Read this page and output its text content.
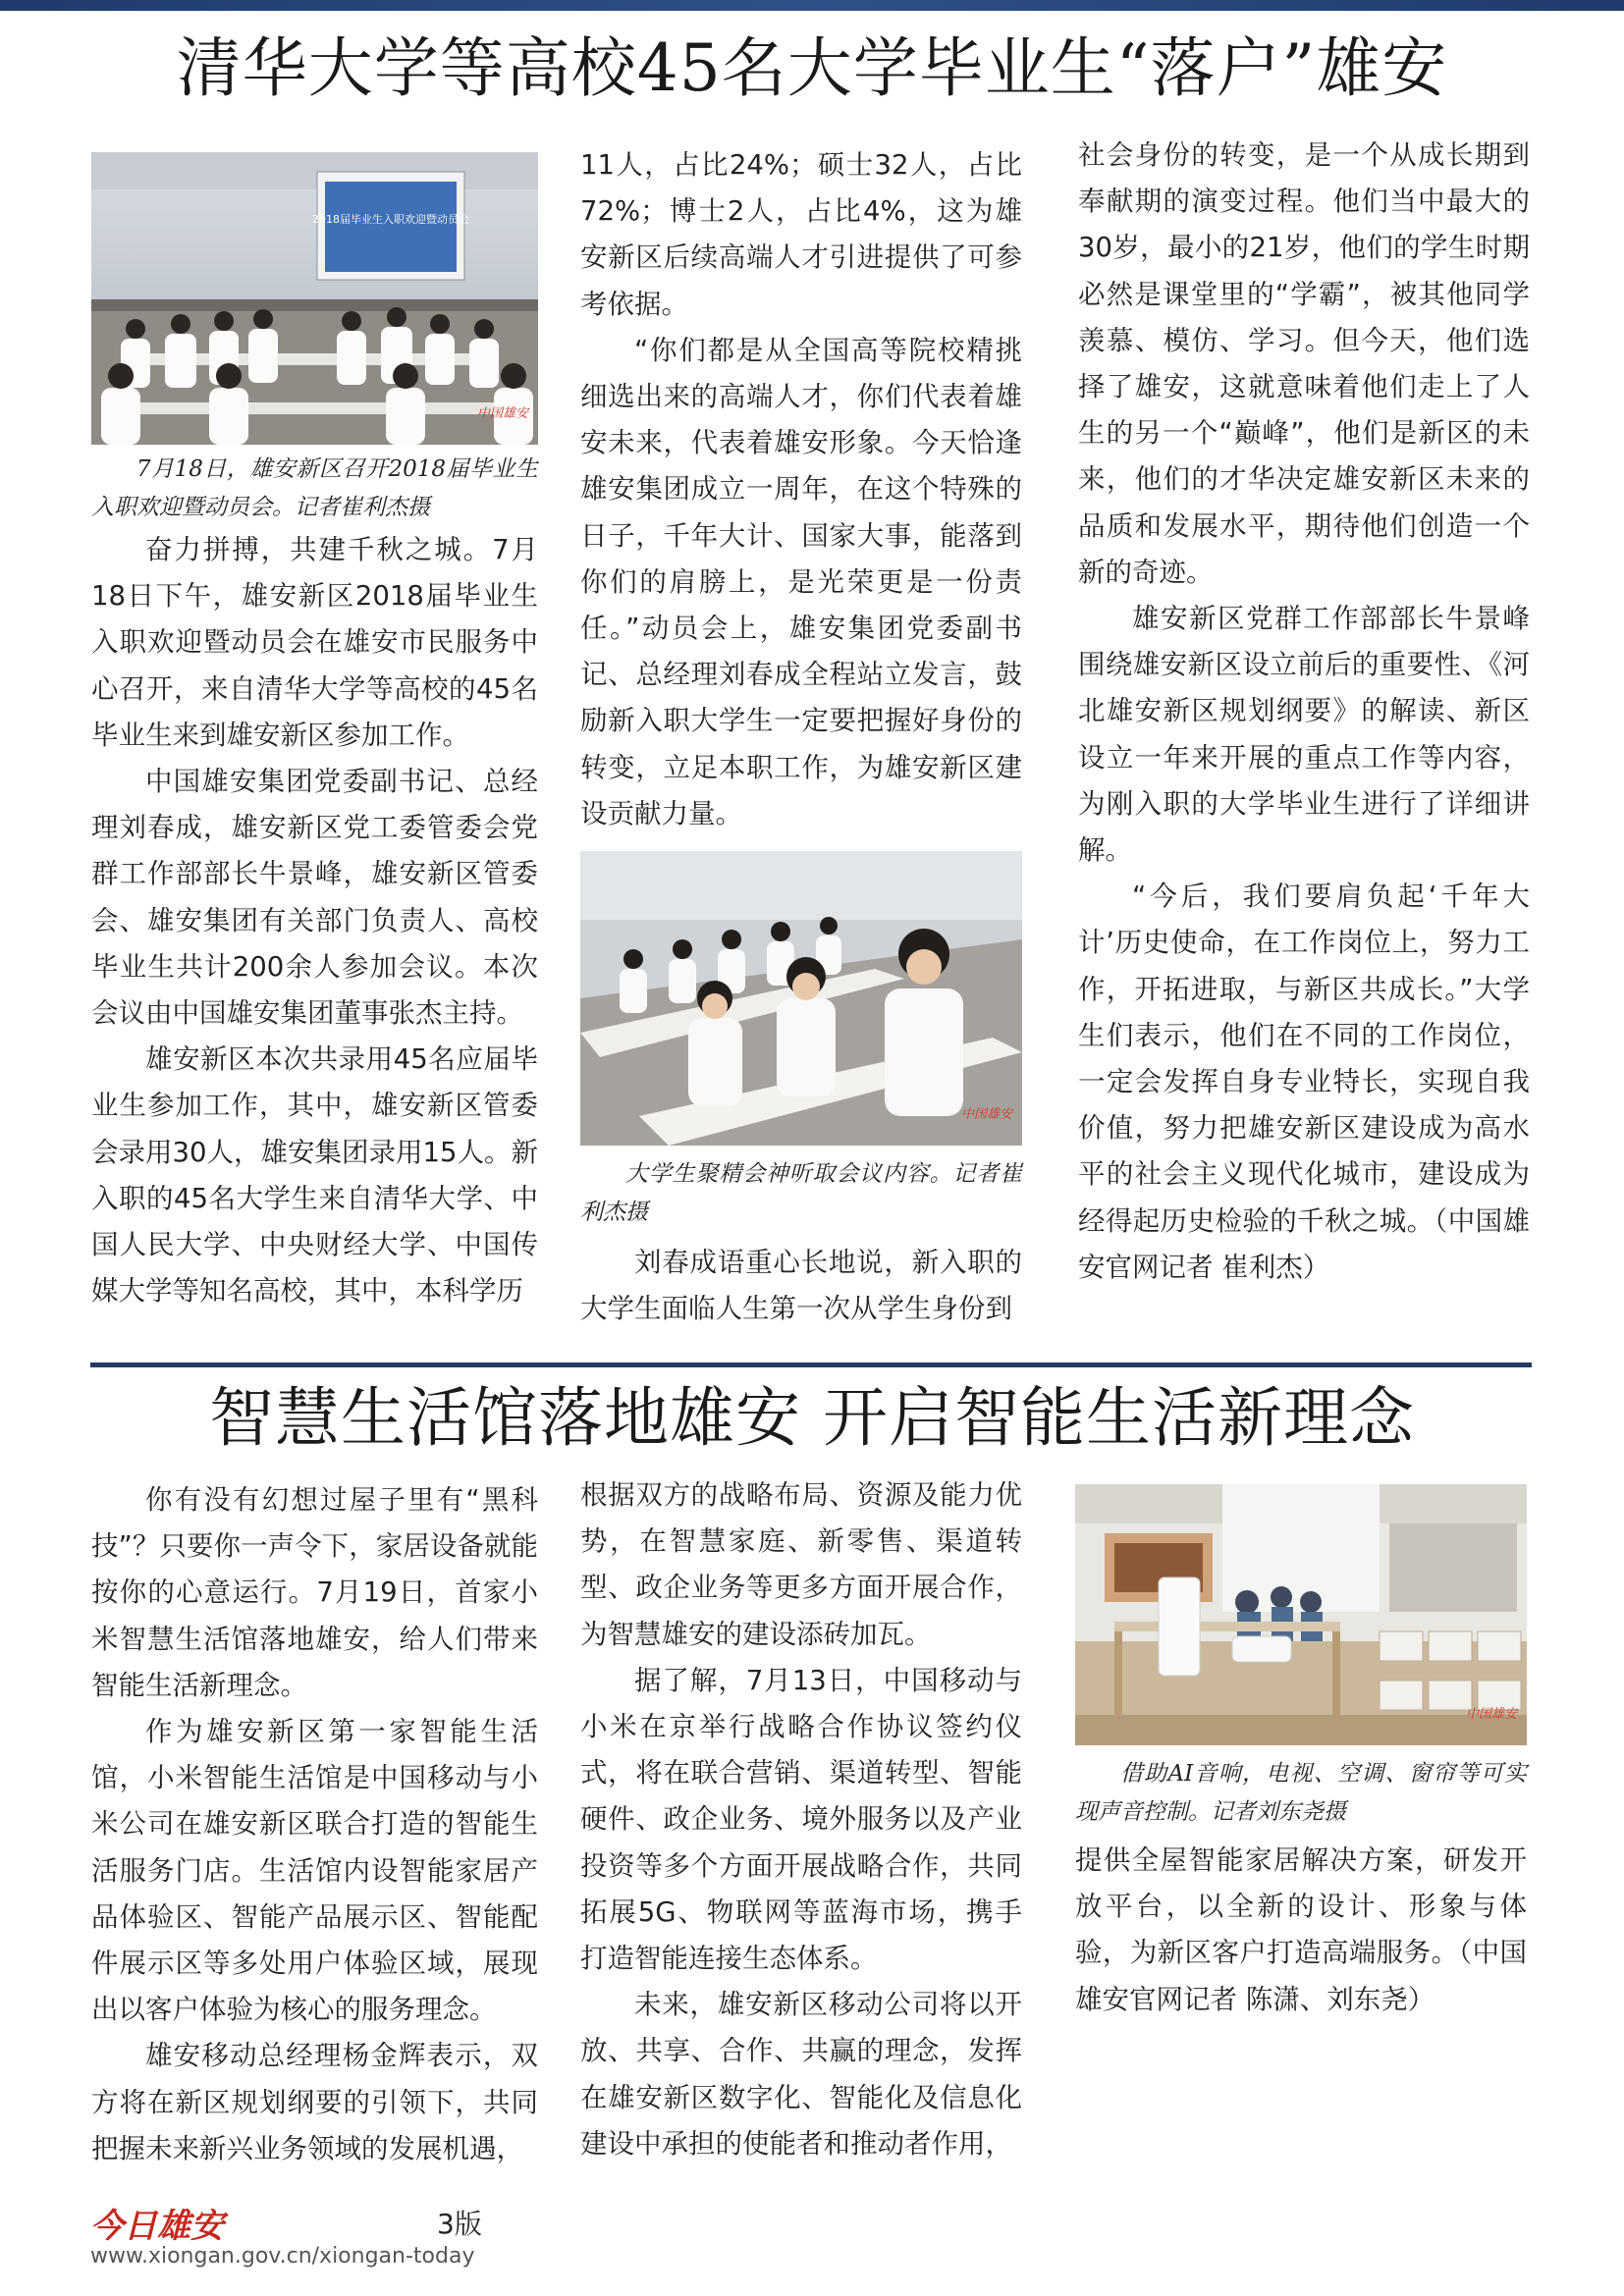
清华大学等高校45名大学毕业生“落户”雄安
2018届毕业生入职欢迎暨动员会
中国雄安

7月18日，雄安新区召开2018届毕业生入职欢迎暨动员会。记者崔利杰摄

奋力拼搏，共建千秋之城。7月18日下午，雄安新区2018届毕业生入职欢迎暨动员会在雄安市民服务中心召开，来自清华大学等高校的45名毕业生来到雄安新区参加工作。

中国雄安集团党委副书记、总经理刘春成，雄安新区党工委管委会党群工作部部长牛景峰，雄安新区管委会、雄安集团有关部门负责人、高校毕业生共计200余人参加会议。本次会议由中国雄安集团董事张杰主持。

雄安新区本次共录用45名应届毕业生参加工作，其中，雄安新区管委会录用30人，雄安集团录用15人。新入职的45名大学生来自清华大学、中国人民大学、中央财经大学、中国传媒大学等知名高校，其中，本科学历

11人，占比24%；硕士32人，占比72%；博士2人，占比4%，这为雄安新区后续高端人才引进提供了可参考依据。

“你们都是从全国高等院校精挑细选出来的高端人才，你们代表着雄安未来，代表着雄安形象。今天恰逢雄安集团成立一周年，在这个特殊的日子，千年大计、国家大事，能落到你们的肩膀上，是光荣更是一份责任。”动员会上，雄安集团党委副书记、总经理刘春成全程站立发言，鼓励新入职大学生一定要把握好身份的转变，立足本职工作，为雄安新区建设贡献力量。

中国雄安

大学生聚精会神听取会议内容。记者崔利杰摄

刘春成语重心长地说，新入职的大学生面临人生第一次从学生身份到

社会身份的转变，是一个从成长期到奉献期的演变过程。他们当中最大的30岁，最小的21岁，他们的学生时期必然是课堂里的“学霸”，被其他同学羡慕、模仿、学习。但今天，他们选择了雄安，这就意味着他们走上了人生的另一个“巅峰”，他们是新区的未来，他们的才华决定雄安新区未来的品质和发展水平，期待他们创造一个新的奇迹。

雄安新区党群工作部部长牛景峰围绕雄安新区设立前后的重要性、《河北雄安新区规划纲要》的解读、新区设立一年来开展的重点工作等内容，为刚入职的大学毕业生进行了详细讲解。

“今后，我们要肩负起‘千年大计’历史使命，在工作岗位上，努力工作，开拓进取，与新区共成长。”大学生们表示，他们在不同的工作岗位，一定会发挥自身专业特长，实现自我价值，努力把雄安新区建设成为高水平的社会主义现代化城市，建设成为经得起历史检验的千秋之城。（中国雄安官网记者 崔利杰）

智慧生活馆落地雄安 开启智能生活新理念

你有没有幻想过屋子里有“黑科技”？只要你一声令下，家居设备就能按你的心意运行。7月19日，首家小米智慧生活馆落地雄安，给人们带来智能生活新理念。

作为雄安新区第一家智能生活馆，小米智能生活馆是中国移动与小米公司在雄安新区联合打造的智能生活服务门店。生活馆内设智能家居产品体验区、智能产品展示区、智能配件展示区等多处用户体验区域，展现出以客户体验为核心的服务理念。

雄安移动总经理杨金辉表示，双方将在新区规划纲要的引领下，共同把握未来新兴业务领域的发展机遇，

根据双方的战略布局、资源及能力优势，在智慧家庭、新零售、渠道转型、政企业务等更多方面开展合作，为智慧雄安的建设添砖加瓦。

据了解，7月13日，中国移动与小米在京举行战略合作协议签约仪式，将在联合营销、渠道转型、智能硬件、政企业务、境外服务以及产业投资等多个方面开展战略合作，共同拓展5G、物联网等蓝海市场，携手打造智能连接生态体系。

未来，雄安新区移动公司将以开放、共享、合作、共赢的理念，发挥在雄安新区数字化、智能化及信息化建设中承担的使能者和推动者作用，

中国雄安

借助AI音响，电视、空调、窗帘等可实现声音控制。记者刘东尧摄

提供全屋智能家居解决方案，研发开放平台，以全新的设计、形象与体验，为新区客户打造高端服务。（中国雄安官网记者 陈潇、刘东尧）

今日雄安	3版
www.xiongan.gov.cn/xiongan-today
